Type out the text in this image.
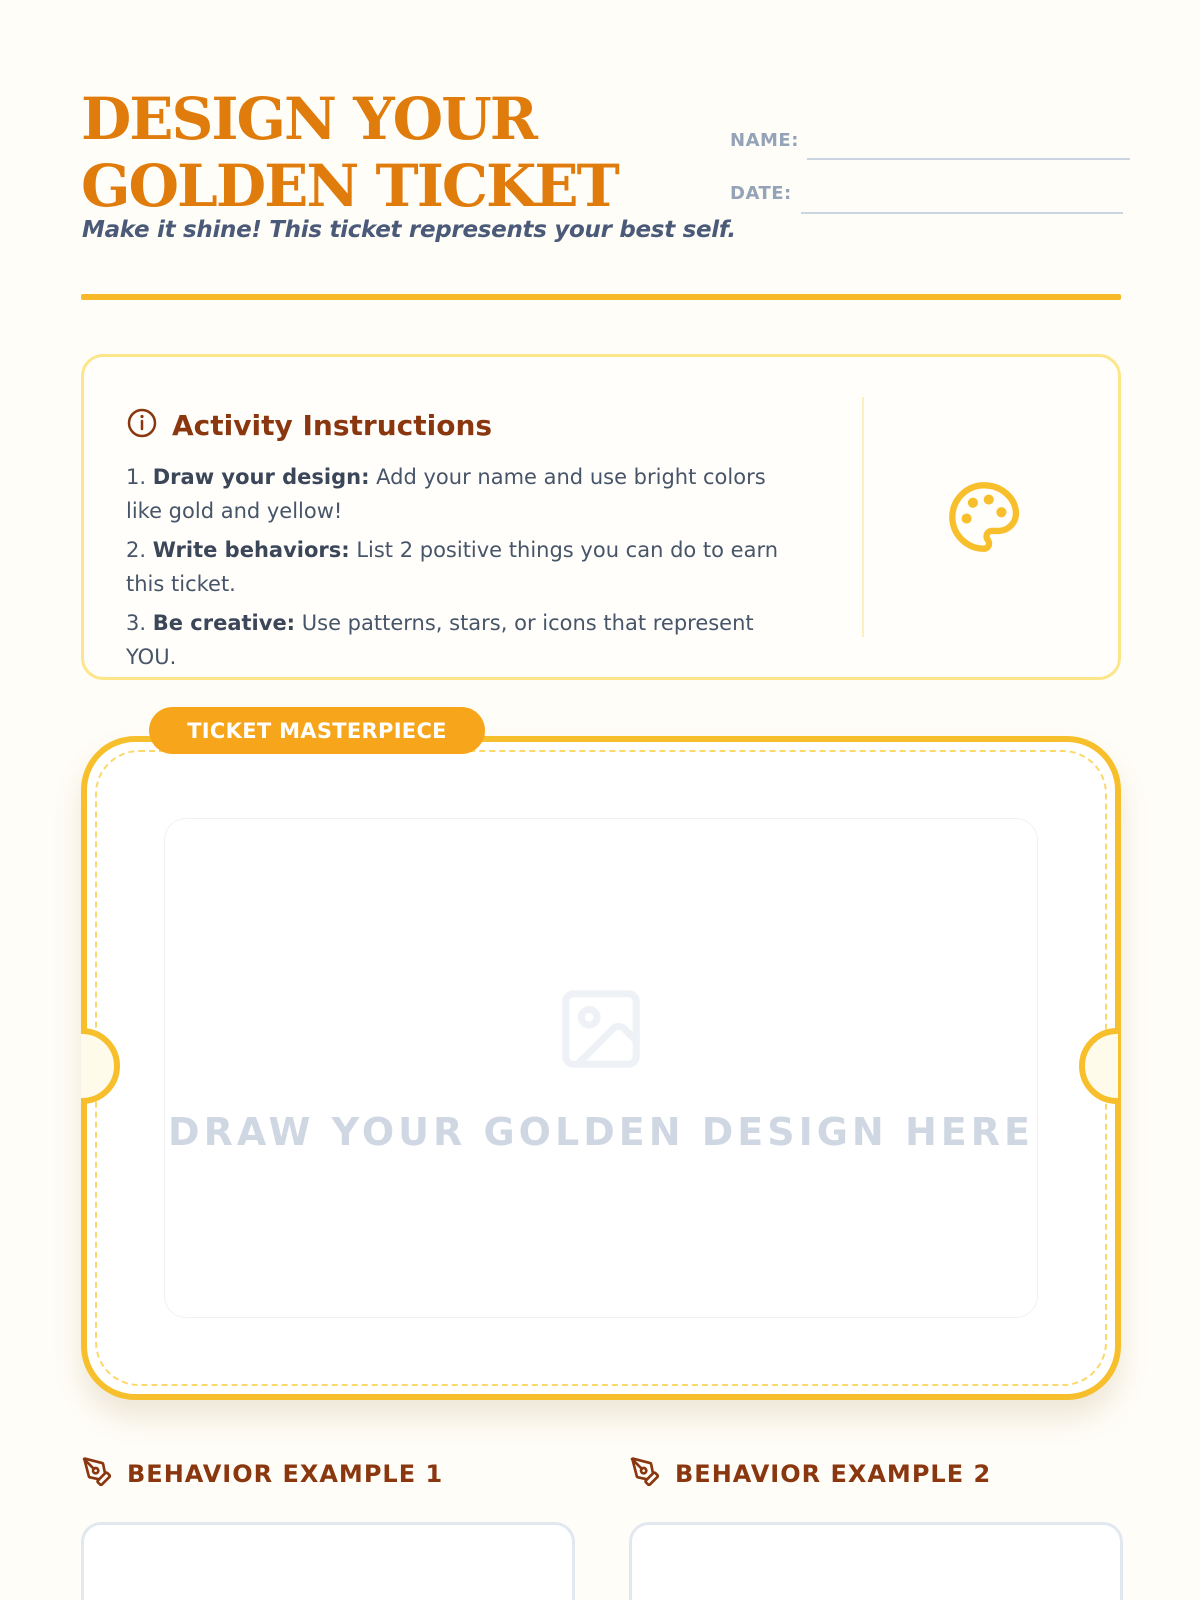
DESIGN YOUR
GOLDEN TICKET
Make it shine! This ticket represents your best self.
NAME:
DATE:
Activity Instructions
1. Draw your design: Add your name and use bright colors like gold and yellow!
2. Write behaviors: List 2 positive things you can do to earn this ticket.
3. Be creative: Use patterns, stars, or icons that represent YOU.
TICKET MASTERPIECE
DRAW YOUR GOLDEN DESIGN HERE
BEHAVIOR EXAMPLE 1	BEHAVIOR EXAMPLE 2
